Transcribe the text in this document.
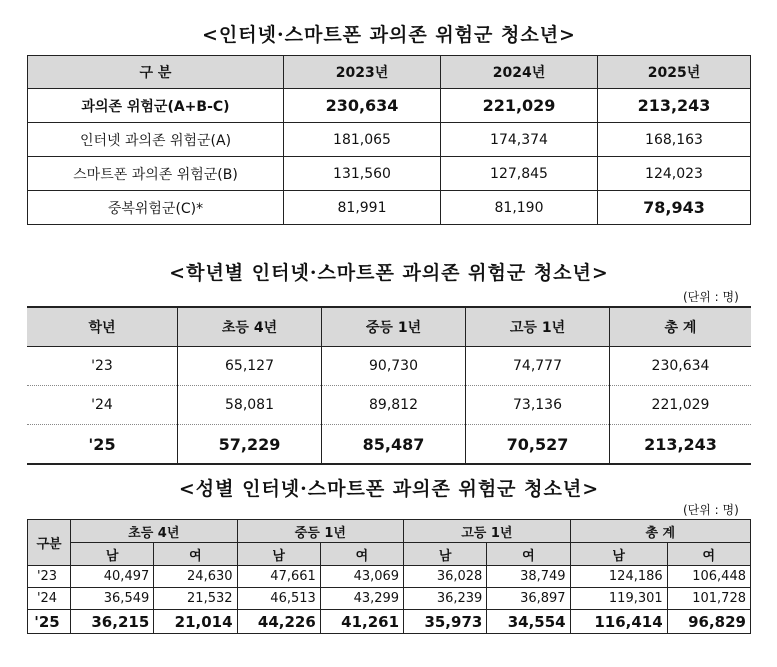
<인터넷·스마트폰 과의존 위험군 청소년>
구 분	2023년	2024년	2025년
과의존 위험군(A+B-C)	230,634	221,029	213,243
인터넷 과의존 위험군(A)	181,065	174,374	168,163
스마트폰 과의존 위험군(B)	131,560	127,845	124,023
중복위험군(C)*	81,991	81,190	78,943
<학년별 인터넷·스마트폰 과의존 위험군 청소년>
(단위 : 명)
학년	초등 4년	중등 1년	고등 1년	총 계
'23	65,127	90,730	74,777	230,634
'24	58,081	89,812	73,136	221,029
'25	57,229	85,487	70,527	213,243
<성별 인터넷·스마트폰 과의존 위험군 청소년>
(단위 : 명)
구분	초등 4년		중등 1년		고등 1년		총 계	
	남	여	남	여	남	여	남	여
'23	40,497	24,630	47,661	43,069	36,028	38,749	124,186	106,448
'24	36,549	21,532	46,513	43,299	36,239	36,897	119,301	101,728
'25	36,215	21,014	44,226	41,261	35,973	34,554	116,414	96,829
